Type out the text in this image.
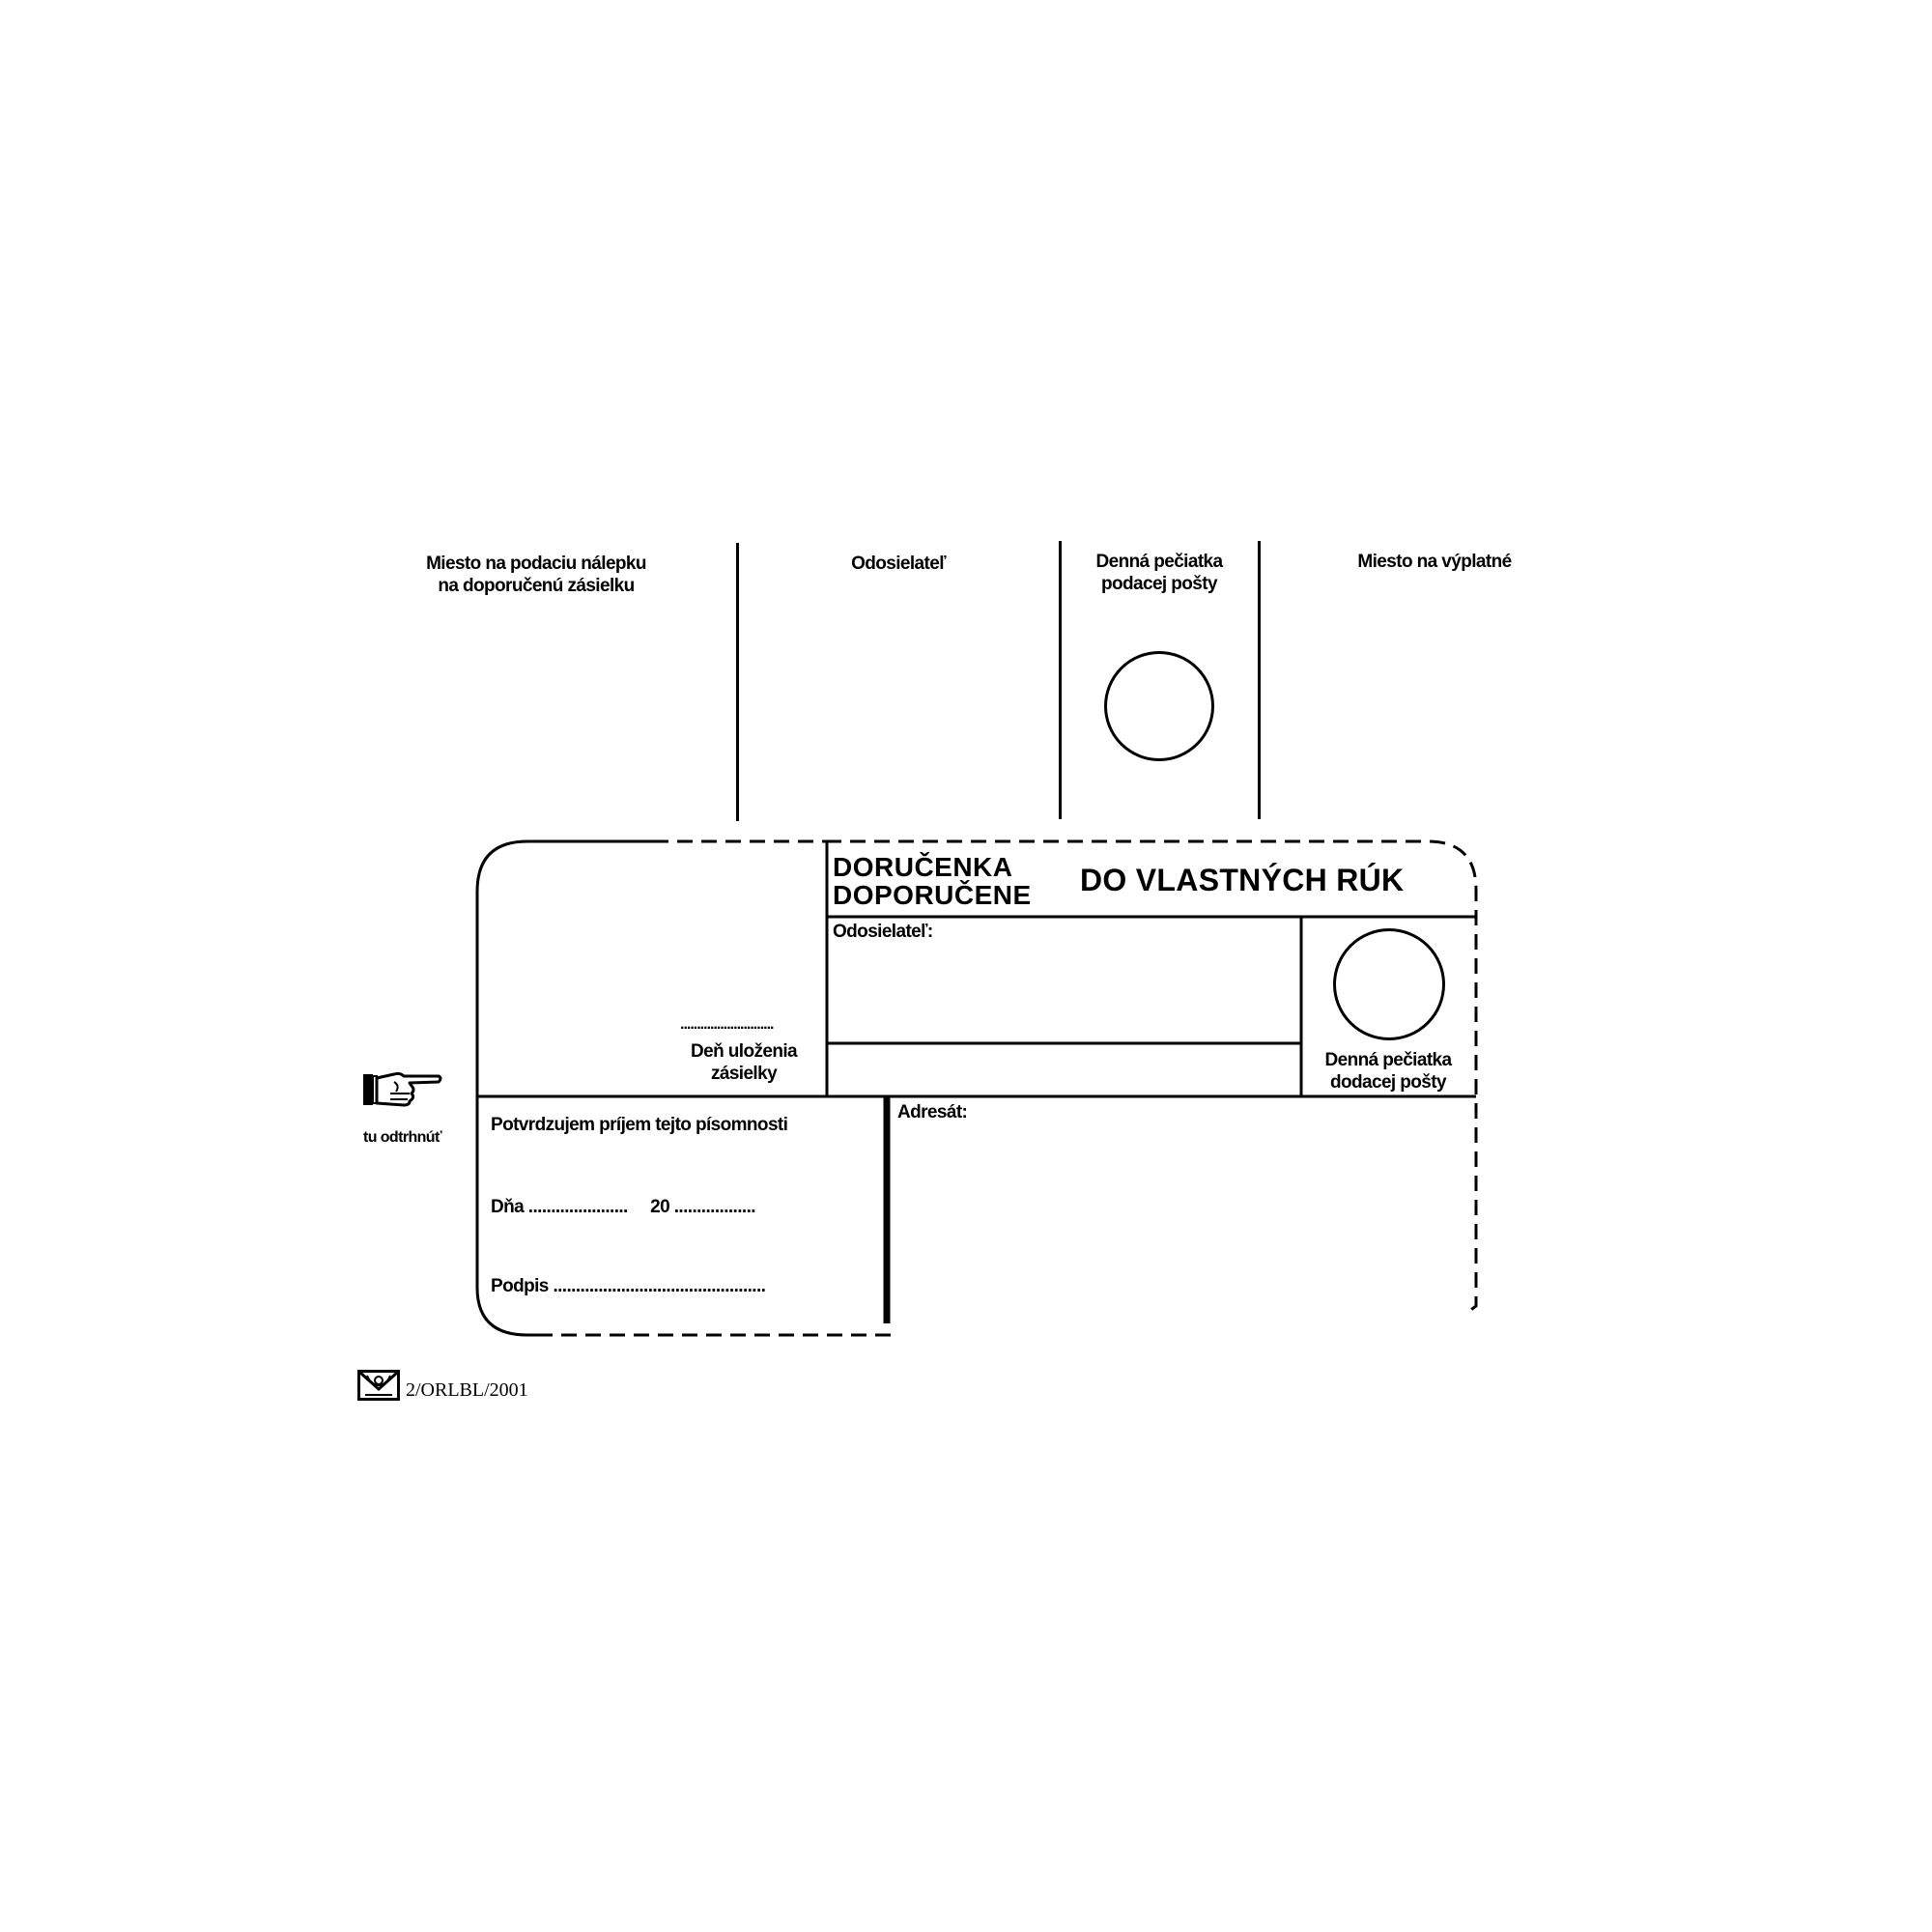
Miesto na podaciu nálepku
na doporučenú zásielku
Odosielateľ	Denná pečiatka
podacej pošty
Miesto na výplatné
DORUČENKA
DOPORUČENE DO VLASTNÝCH RÚK
Odosielateľ:
............................
Deň uloženia
zásielky
Denná pečiatka
dodacej pošty
Potvrdzujem príjem tejto písomnosti
Dňa ...................... 20 ..................
Podpis ...............................................
Adresát:
tu odtrhnúť
2/ORLBL/2001
